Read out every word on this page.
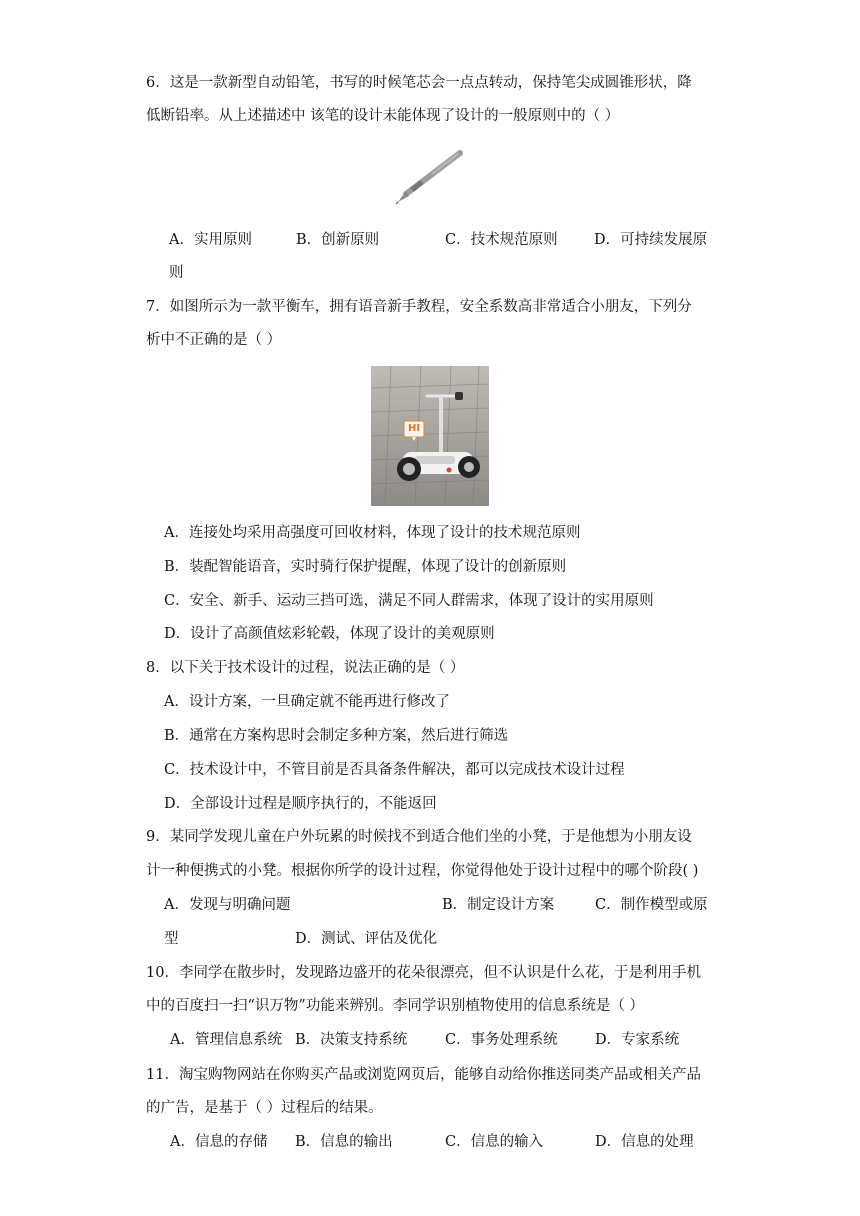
6．这是一款新型自动铅笔，书写的时候笔芯会一点点转动，保持笔尖成圆锥形状，降
低断铅率。从上述描述中 该笔的设计未能体现了设计的一般原则中的（ ）
A．实用原则	B．创新原则	C．技术规范原则	D．可持续发展原
则
7．如图所示为一款平衡车，拥有语音新手教程，安全系数高非常适合小朋友，下列分
析中不正确的是（ ）
HI
A．连接处均采用高强度可回收材料，体现了设计的技术规范原则
B．装配智能语音，实时骑行保护提醒，体现了设计的创新原则
C．安全、新手、运动三挡可选，满足不同人群需求，体现了设计的实用原则
D．设计了高颜值炫彩轮毂，体现了设计的美观原则
8．以下关于技术设计的过程，说法正确的是（ ）
A．设计方案，一旦确定就不能再进行修改了
B．通常在方案构思时会制定多种方案，然后进行筛选
C．技术设计中，不管目前是否具备条件解决，都可以完成技术设计过程
D．全部设计过程是顺序执行的，不能返回
9．某同学发现儿童在户外玩累的时候找不到适合他们坐的小凳，于是他想为小朋友设
计一种便携式的小凳。根据你所学的设计过程，你觉得他处于设计过程中的哪个阶段( )
A．发现与明确问题	B．制定设计方案	C．制作模型或原
型	D．测试、评估及优化
10．李同学在散步时，发现路边盛开的花朵很漂亮，但不认识是什么花，于是利用手机
中的百度扫一扫“识万物”功能来辨别。李同学识别植物使用的信息系统是（ ）
A．管理信息系统 B．决策支持系统	C．事务处理系统	D．专家系统
11．淘宝购物网站在你购买产品或浏览网页后，能够自动给你推送同类产品或相关产品
的广告，是基于（ ）过程后的结果。
A．信息的存储 B．信息的输出	C．信息的输入	D．信息的处理
